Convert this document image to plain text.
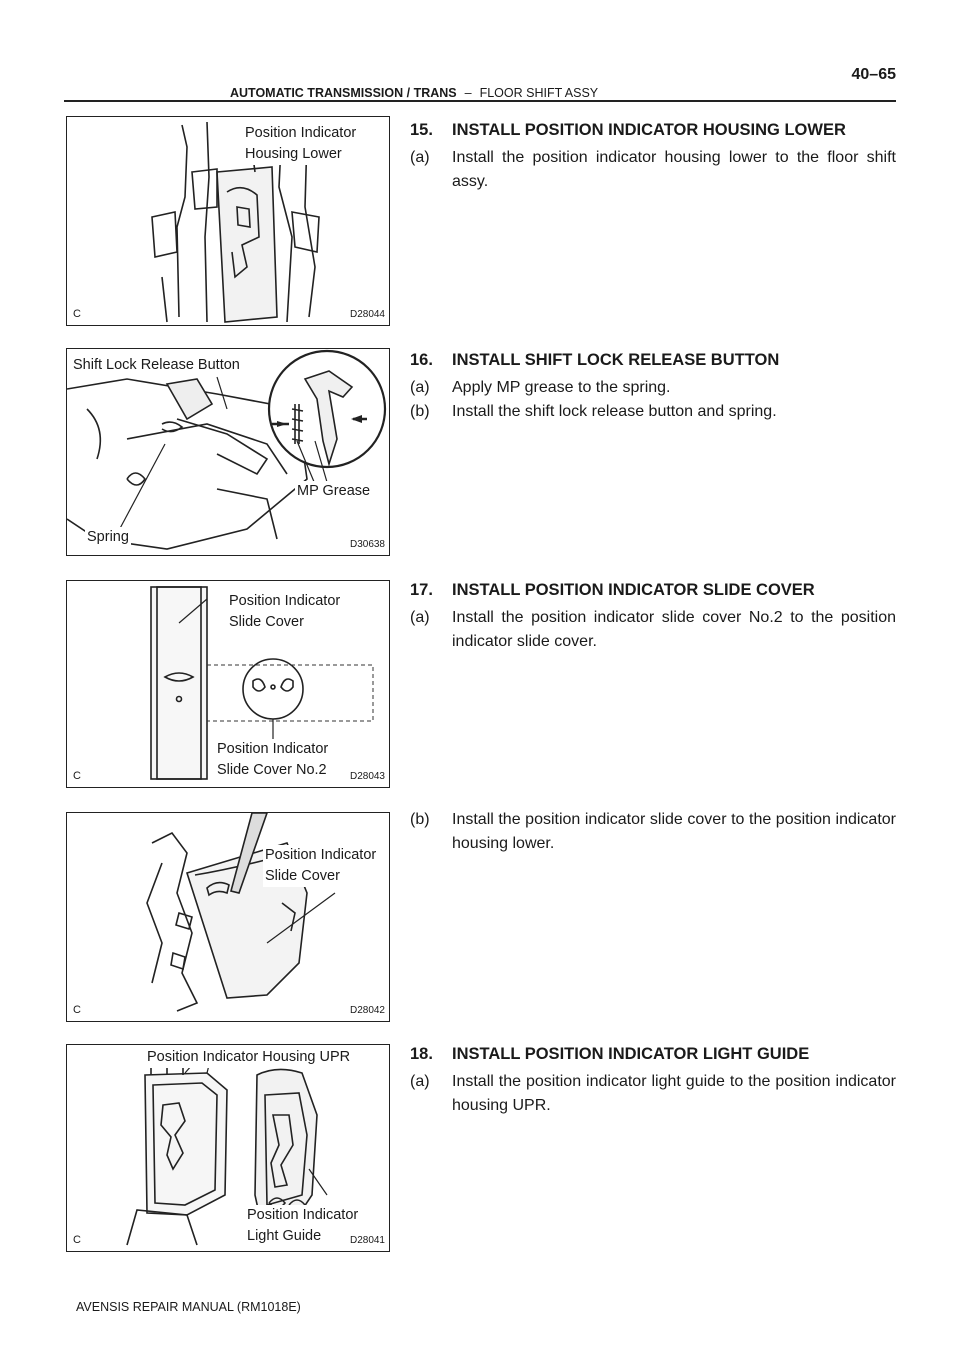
40–65
AUTOMATIC TRANSMISSION / TRANS – FLOOR SHIFT ASSY
Position Indicator
Housing Lower
C	D28044
Shift Lock Release Button
MP Grease
Spring	D30638
Position Indicator
Slide Cover
Position Indicator
Slide Cover No.2
C	D28043
Position Indicator
Slide Cover
C	D28042
Position Indicator Housing UPR
Position Indicator
Light Guide
C	D28041
15. INSTALL POSITION INDICATOR HOUSING LOWER
(a) Install the position indicator housing lower to the floor shift assy.
16. INSTALL SHIFT LOCK RELEASE BUTTON
(a) Apply MP grease to the spring.
(b) Install the shift lock release button and spring.
17. INSTALL POSITION INDICATOR SLIDE COVER
(a) Install the position indicator slide cover No.2 to the position indicator slide cover.
(b) Install the position indicator slide cover to the position indicator housing lower.
18. INSTALL POSITION INDICATOR LIGHT GUIDE
(a) Install the position indicator light guide to the position indicator housing UPR.
AVENSIS REPAIR MANUAL (RM1018E)
